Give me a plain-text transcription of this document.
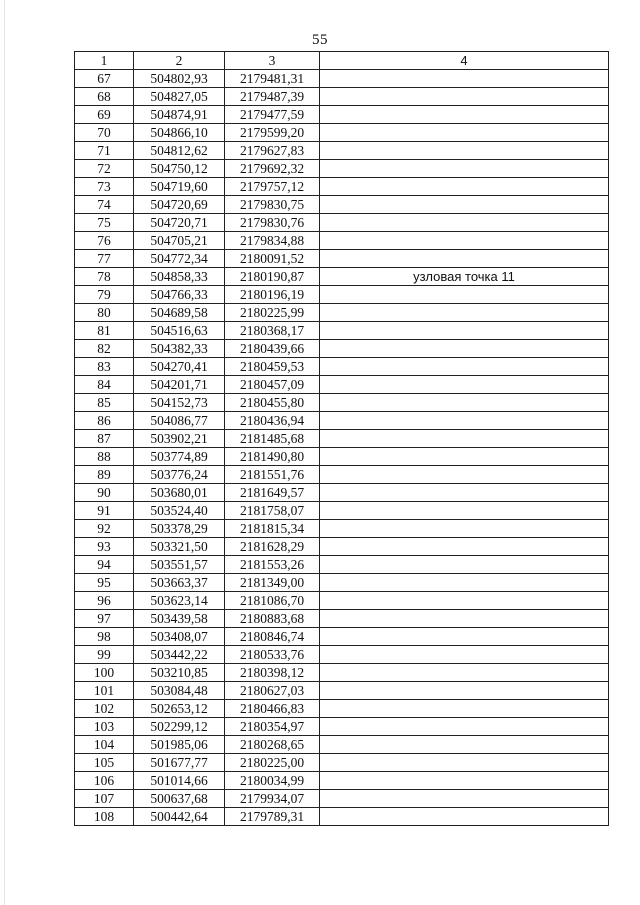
55
1	2	3	4
67	504802,93	2179481,31	
68	504827,05	2179487,39	
69	504874,91	2179477,59	
70	504866,10	2179599,20	
71	504812,62	2179627,83	
72	504750,12	2179692,32	
73	504719,60	2179757,12	
74	504720,69	2179830,75	
75	504720,71	2179830,76	
76	504705,21	2179834,88	
77	504772,34	2180091,52	
78	504858,33	2180190,87	узловая точка 11
79	504766,33	2180196,19	
80	504689,58	2180225,99	
81	504516,63	2180368,17	
82	504382,33	2180439,66	
83	504270,41	2180459,53	
84	504201,71	2180457,09	
85	504152,73	2180455,80	
86	504086,77	2180436,94	
87	503902,21	2181485,68	
88	503774,89	2181490,80	
89	503776,24	2181551,76	
90	503680,01	2181649,57	
91	503524,40	2181758,07	
92	503378,29	2181815,34	
93	503321,50	2181628,29	
94	503551,57	2181553,26	
95	503663,37	2181349,00	
96	503623,14	2181086,70	
97	503439,58	2180883,68	
98	503408,07	2180846,74	
99	503442,22	2180533,76	
100	503210,85	2180398,12	
101	503084,48	2180627,03	
102	502653,12	2180466,83	
103	502299,12	2180354,97	
104	501985,06	2180268,65	
105	501677,77	2180225,00	
106	501014,66	2180034,99	
107	500637,68	2179934,07	
108	500442,64	2179789,31	
